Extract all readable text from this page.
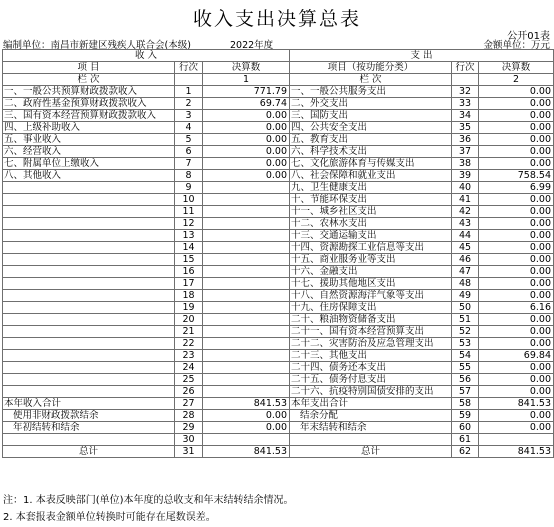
收入支出决算总表
公开01表
编制单位：南昌市新建区残疾人联合会(本级)	2022年度	金额单位：万元
收 入			支 出		
项 目	行次	决算数	项目（按功能分类）	行次	决算数
栏 次		1	栏 次		2
一、一般公共预算财政拨款收入	1	771.79	一、一般公共服务支出	32	0.00
二、政府性基金预算财政拨款收入	2	69.74	二、外交支出	33	0.00
三、国有资本经营预算财政拨款收入	3	0.00	三、国防支出	34	0.00
四、上级补助收入	4	0.00	四、公共安全支出	35	0.00
五、事业收入	5	0.00	五、教育支出	36	0.00
六、经营收入	6	0.00	六、科学技术支出	37	0.00
七、附属单位上缴收入	7	0.00	七、文化旅游体育与传媒支出	38	0.00
八、其他收入	8	0.00	八、社会保障和就业支出	39	758.54
	9		九、卫生健康支出	40	6.99
	10		十、节能环保支出	41	0.00
	11		十一、城乡社区支出	42	0.00
	12		十二、农林水支出	43	0.00
	13		十三、交通运输支出	44	0.00
	14		十四、资源勘探工业信息等支出	45	0.00
	15		十五、商业服务业等支出	46	0.00
	16		十六、金融支出	47	0.00
	17		十七、援助其他地区支出	48	0.00
	18		十八、自然资源海洋气象等支出	49	0.00
	19		十九、住房保障支出	50	6.16
	20		二十、粮油物资储备支出	51	0.00
	21		二十一、国有资本经营预算支出	52	0.00
	22		二十二、灾害防治及应急管理支出	53	0.00
	23		二十三、其他支出	54	69.84
	24		二十四、债务还本支出	55	0.00
	25		二十五、债务付息支出	56	0.00
	26		二十六、抗疫特别国债安排的支出	57	0.00
本年收入合计	27	841.53	本年支出合计	58	841.53
使用非财政拨款结余	28	0.00	结余分配	59	0.00
年初结转和结余	29	0.00	年末结转和结余	60	0.00
	30			61	
总计	31	841.53	总计	62	841.53
注：1. 本表反映部门(单位)本年度的总收支和年末结转结余情况。
2. 本套报表金额单位转换时可能存在尾数误差。
